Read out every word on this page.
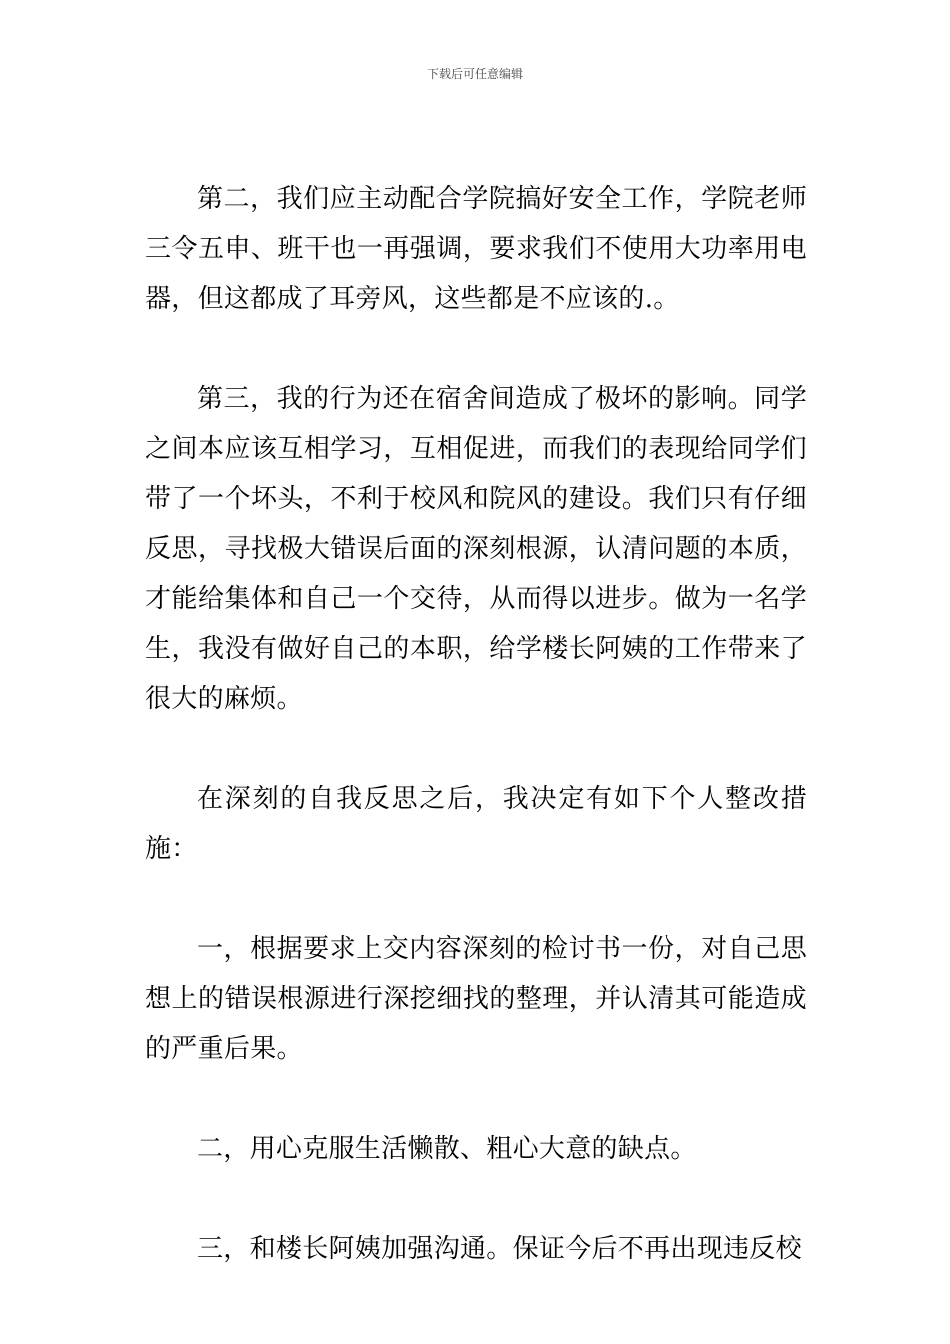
下载后可任意编辑

第二，我们应主动配合学院搞好安全工作，学院老师三令五申、班干也一再强调，要求我们不使用大功率用电器，但这都成了耳旁风，这些都是不应该的.。

第三，我的行为还在宿舍间造成了极坏的影响。同学之间本应该互相学习，互相促进，而我们的表现给同学们带了一个坏头，不利于校风和院风的建设。我们只有仔细反思，寻找极大错误后面的深刻根源，认清问题的本质，才能给集体和自己一个交待，从而得以进步。做为一名学生，我没有做好自己的本职，给学楼长阿姨的工作带来了很大的麻烦。

在深刻的自我反思之后，我决定有如下个人整改措施：

一，根据要求上交内容深刻的检讨书一份，对自己思想上的错误根源进行深挖细找的整理，并认清其可能造成的严重后果。

二，用心克服生活懒散、粗心大意的缺点。

三，和楼长阿姨加强沟通。保证今后不再出现违反校
